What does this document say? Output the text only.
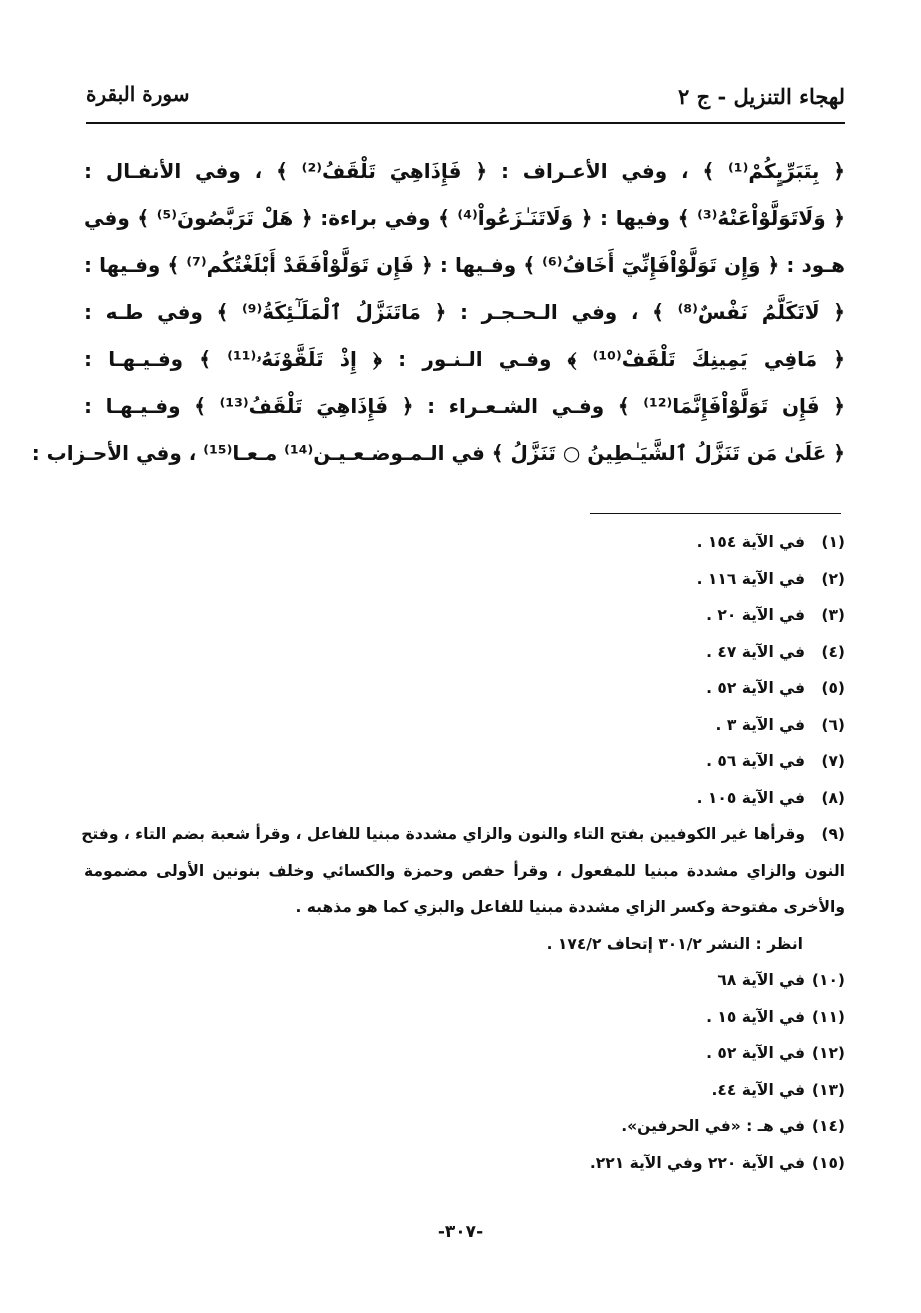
لهجاء التنزيل - ج ٢
سورة البقرة
﴿ بِتَبَرِّيٍكُمْ⁽¹⁾ ﴾ ، وفي الأعـراف : ﴿ فَإِذَاهِيَ تَلْقَفُ⁽²⁾ ﴾ ، وفي الأنفـال :
﴿ وَلَاتَوَلَّوْاْعَنْهُ⁽³⁾ ﴾ وفيها : ﴿ وَلَاتَنَـٰزَعُواْ⁽⁴⁾ ﴾ وفي براءة: ﴿ هَلْ تَرَبَّصُونَ⁽⁵⁾ ﴾ وفي
هـود : ﴿ وَإِن تَوَلَّوْاْفَإِنِّيٓ أَخَافُ⁽⁶⁾ ﴾ وفـيها : ﴿ فَإِن تَوَلَّوْاْفَقَدْ أَبْلَغْتُكُم⁽⁷⁾ ﴾ وفـيها :
﴿ لَاتَكَلَّمُ نَفْسٌ⁽⁸⁾ ﴾ ، وفي الـحـجـر : ﴿ مَاتَنَزَّلُ ٱلْمَلَـٰٓئِكَةُ⁽⁹⁾ ﴾ وفي طـه :
﴿ مَافِي يَمِينِكَ تَلْقَفْ⁽¹⁰⁾ ﴾ وفـي الـنـور : ﴿ إِذْ تَلَقَّوْنَهُۥ⁽¹¹⁾ ﴾ وفـيـهـا :
﴿ فَإِن تَوَلَّوْاْفَإِنَّمَا⁽¹²⁾ ﴾ وفـي الشـعـراء : ﴿ فَإِذَاهِيَ تَلْقَفُ⁽¹³⁾ ﴾ وفـيـهـا :
﴿ عَلَىٰ مَن تَنَزَّلُ ٱلشَّيَـٰطِينُ ○ تَنَزَّلُ ﴾ في الـمـوضـعـيـن⁽¹⁴⁾ مـعـا⁽¹⁵⁾ ، وفي الأحـزاب :
(١)في الآية ١٥٤ .
(٢)في الآية ١١٦ .
(٣)في الآية ٢٠ .
(٤)في الآية ٤٧ .
(٥)في الآية ٥٢ .
(٦)في الآية ٣ .
(٧)في الآية ٥٦ .
(٨)في الآية ١٠٥ .
(٩)وقرأها غير الكوفيين بفتح التاء والنون والزاي مشددة مبنيا للفاعل ، وقرأ شعبة بضم التاء ، وفتح
النون والزاي مشددة مبنيا للمفعول ، وقرأ حفص وحمزة والكسائي وخلف بنونين الأولى مضمومة
والأخرى مفتوحة وكسر الزاي مشددة مبنيا للفاعل والبزي كما هو مذهبه .
انظر : النشر ٣٠١/٢ إتحاف ١٧٤/٢ .
(١٠)في الآية ٦٨
(١١)في الآية ١٥ .
(١٢)في الآية ٥٢ .
(١٣)في الآية ٤٤.
(١٤)في هـ : «في الحرفين».
(١٥)في الآية ٢٢٠ وفي الآية ٢٢١.
-٣٠٧-
